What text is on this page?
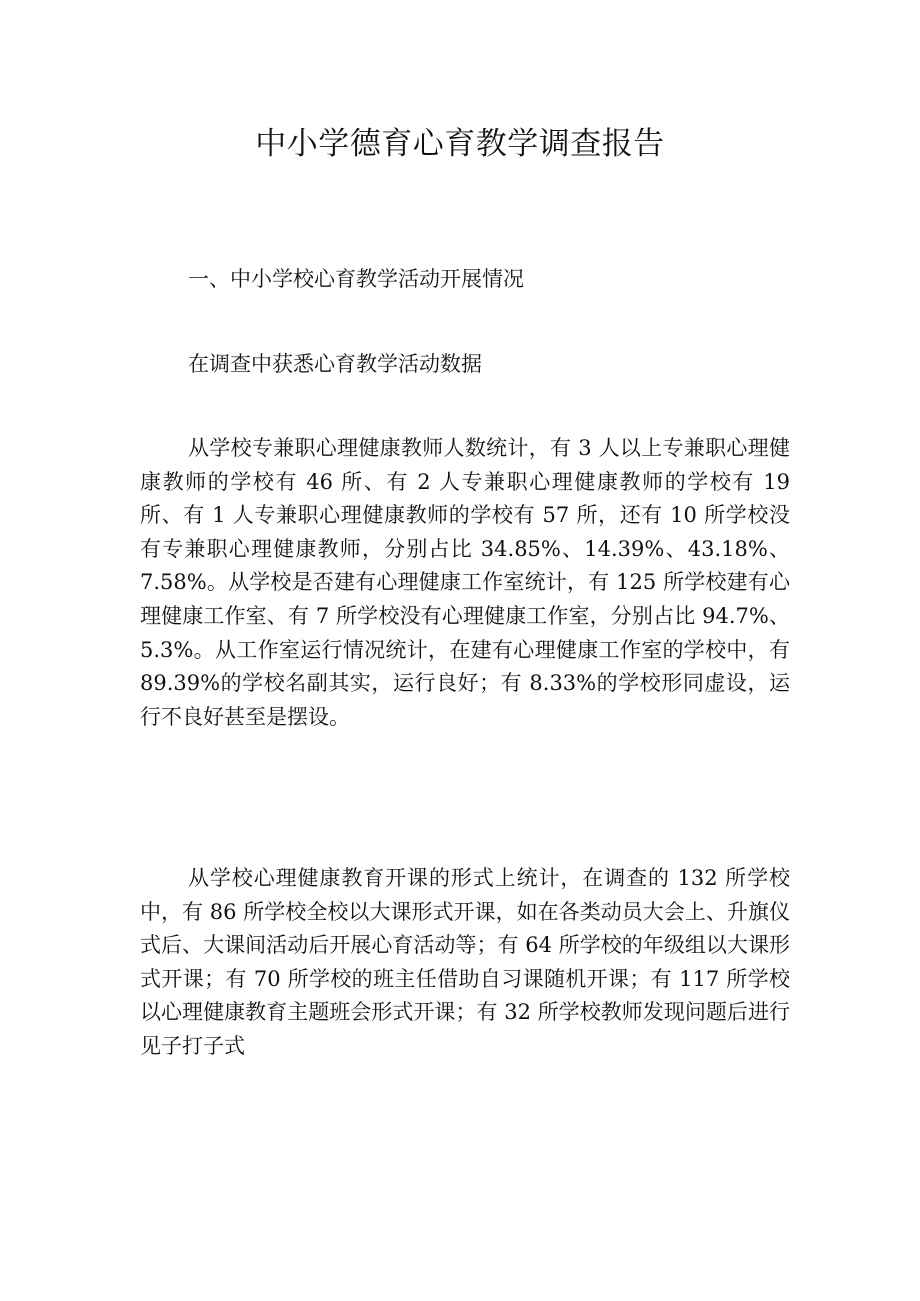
中小学德育心育教学调查报告
一、中小学校心育教学活动开展情况

在调查中获悉心育教学活动数据

从学校专兼职心理健康教师人数统计，有 3 人以上专兼职心理健康教师的学校有 46 所、有 2 人专兼职心理健康教师的学校有 19 所、有 1 人专兼职心理健康教师的学校有 57 所，还有 10 所学校没有专兼职心理健康教师，分别占比 34.85%、14.39%、43.18%、7.58%。从学校是否建有心理健康工作室统计，有 125 所学校建有心理健康工作室、有 7 所学校没有心理健康工作室，分别占比 94.7%、5.3%。从工作室运行情况统计，在建有心理健康工作室的学校中，有 89.39%的学校名副其实，运行良好；有 8.33%的学校形同虚设，运行不良好甚至是摆设。

从学校心理健康教育开课的形式上统计，在调查的 132 所学校中，有 86 所学校全校以大课形式开课，如在各类动员大会上、升旗仪式后、大课间活动后开展心育活动等；有 64 所学校的年级组以大课形式开课；有 70 所学校的班主任借助自习课随机开课；有 117 所学校以心理健康教育主题班会形式开课；有 32 所学校教师发现问题后进行见子打子式
